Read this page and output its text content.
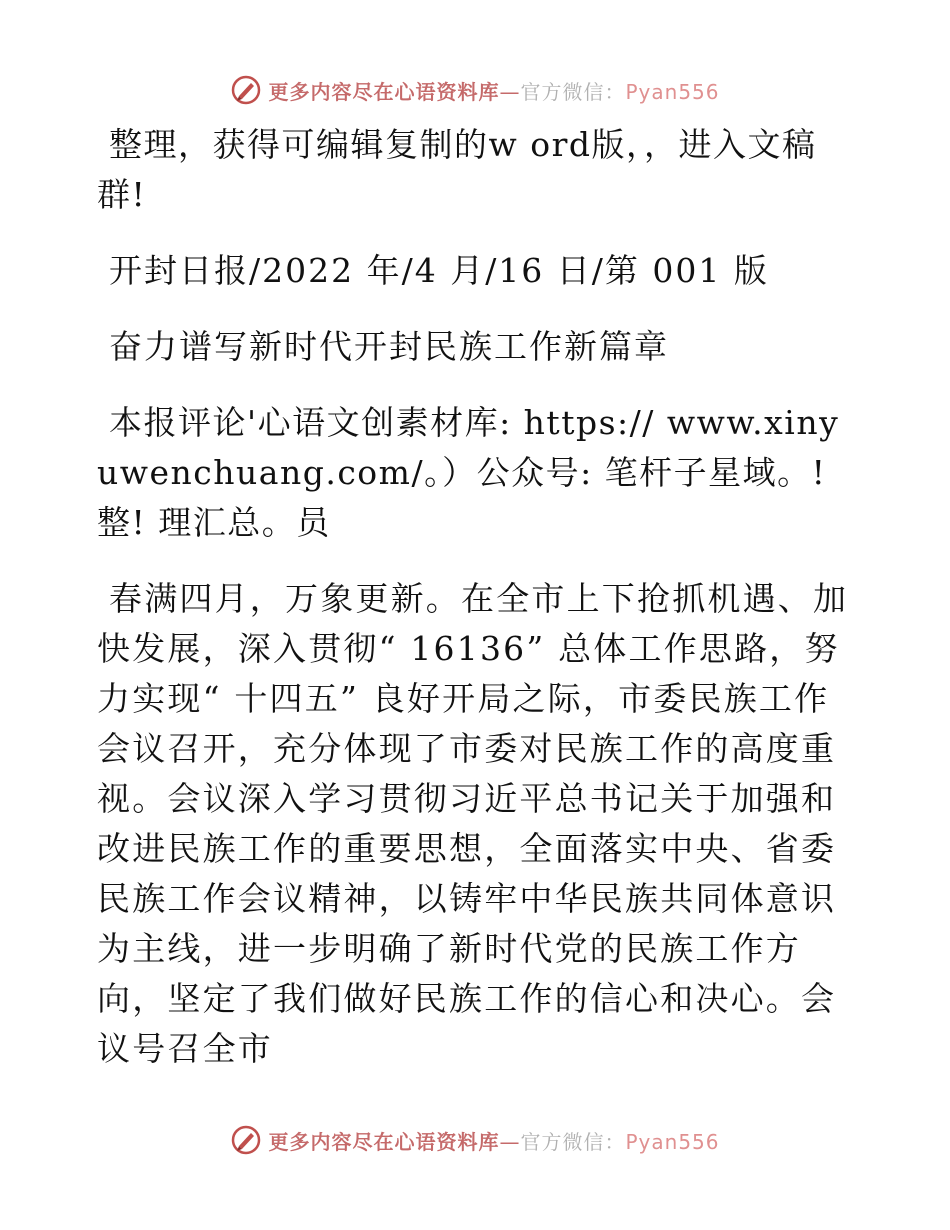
更多内容尽在心语资料库—官方微信：Pyan556

整理，获得可编辑复制的w ord版，，进入文稿群!

开封日报/2022 年/4 月/16 日/第 001 版

奋力谱写新时代开封民族工作新篇章

本报评论'心语文创素材库: https:// www.xinyuwenchuang.com/。）公众号: 笔杆子星域。! 整! 理汇总。员

春满四月，万象更新。在全市上下抢抓机遇、加快发展，深入贯彻“ 16136” 总体工作思路，努力实现“ 十四五” 良好开局之际，市委民族工作会议召开，充分体现了市委对民族工作的高度重视。会议深入学习贯彻习近平总书记关于加强和改进民族工作的重要思想，全面落实中央、省委民族工作会议精神，以铸牢中华民族共同体意识为主线，进一步明确了新时代党的民族工作方向，坚定了我们做好民族工作的信心和决心。会议号召全市

更多内容尽在心语资料库—官方微信：Pyan556
